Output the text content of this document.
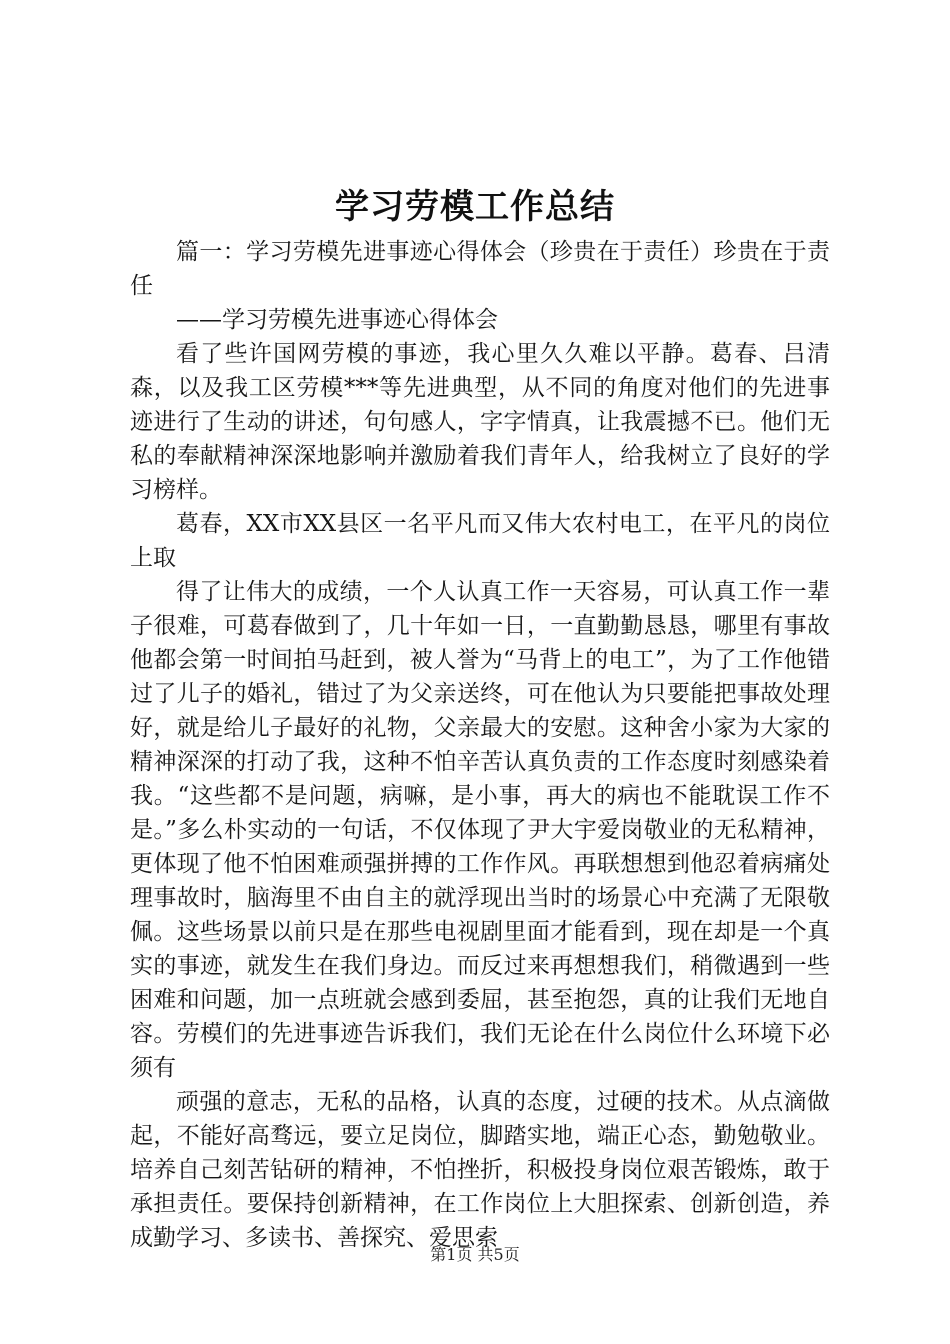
学习劳模工作总结

篇一：学习劳模先进事迹心得体会（珍贵在于责任）珍贵在于责任

——学习劳模先进事迹心得体会

看了些许国网劳模的事迹，我心里久久难以平静。葛春、吕清森，以及我工区劳模***等先进典型，从不同的角度对他们的先进事迹进行了生动的讲述，句句感人，字字情真，让我震撼不已。他们无私的奉献精神深深地影响并激励着我们青年人，给我树立了良好的学习榜样。

葛春，XX市XX县区一名平凡而又伟大农村电工，在平凡的岗位上取

得了让伟大的成绩，一个人认真工作一天容易，可认真工作一辈子很难，可葛春做到了，几十年如一日，一直勤勤恳恳，哪里有事故他都会第一时间拍马赶到，被人誉为“马背上的电工”，为了工作他错过了儿子的婚礼，错过了为父亲送终，可在他认为只要能把事故处理好，就是给儿子最好的礼物，父亲最大的安慰。这种舍小家为大家的精神深深的打动了我，这种不怕辛苦认真负责的工作态度时刻感染着我。“这些都不是问题，病嘛，是小事，再大的病也不能耽误工作不是。”多么朴实动的一句话，不仅体现了尹大宇爱岗敬业的无私精神，更体现了他不怕困难顽强拼搏的工作作风。再联想想到他忍着病痛处理事故时，脑海里不由自主的就浮现出当时的场景心中充满了无限敬佩。这些场景以前只是在那些电视剧里面才能看到，现在却是一个真实的事迹，就发生在我们身边。而反过来再想想我们，稍微遇到一些困难和问题，加一点班就会感到委屈，甚至抱怨，真的让我们无地自容。劳模们的先进事迹告诉我们，我们无论在什么岗位什么环境下必须有

顽强的意志，无私的品格，认真的态度，过硬的技术。从点滴做起，不能好高骛远，要立足岗位，脚踏实地，端正心态，勤勉敬业。培养自己刻苦钻研的精神，不怕挫折，积极投身岗位艰苦锻炼，敢于承担责任。要保持创新精神，在工作岗位上大胆探索、创新创造，养成勤学习、多读书、善探究、爱思索

第1页 共5页
